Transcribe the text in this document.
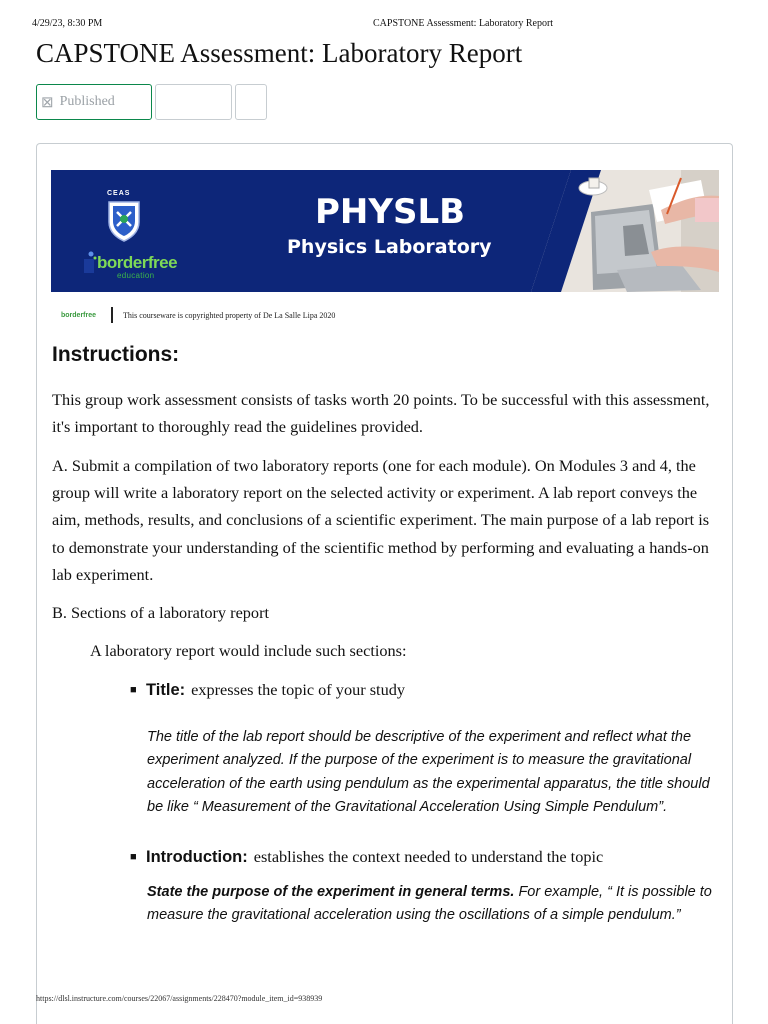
4/29/23, 8:30 PM	CAPSTONE Assessment: Laboratory Report
CAPSTONE Assessment: Laboratory Report
⊠ Published
CEAS
borderfree
education
PHYSLB
Physics Laboratory
borderfree	This courseware is copyrighted property of De La Salle Lipa 2020
Instructions:

This group work assessment consists of tasks worth 20 points. To be successful with this assessment, it's important to thoroughly read the guidelines provided.

A. Submit a compilation of two laboratory reports (one for each module). On Modules 3 and 4, the group will write a laboratory report on the selected activity or experiment. A lab report conveys the aim, methods, results, and conclusions of a scientific experiment. The main purpose of a lab report is to demonstrate your understanding of the scientific method by performing and evaluating a hands-on lab experiment.

B. Sections of a laboratory report

A laboratory report would include such sections:

■ Title: expresses the topic of your study

The title of the lab report should be descriptive of the experiment and reflect what the experiment analyzed. If the purpose of the experiment is to measure the gravitational acceleration of the earth using pendulum as the experimental apparatus, the title should be like “ Measurement of the Gravitational Acceleration Using Simple Pendulum”.

■ Introduction: establishes the context needed to understand the topic

State the purpose of the experiment in general terms. For example, “ It is possible to measure the gravitational acceleration using the oscillations of a simple pendulum.”

https://dlsl.instructure.com/courses/22067/assignments/228470?module_item_id=938939
